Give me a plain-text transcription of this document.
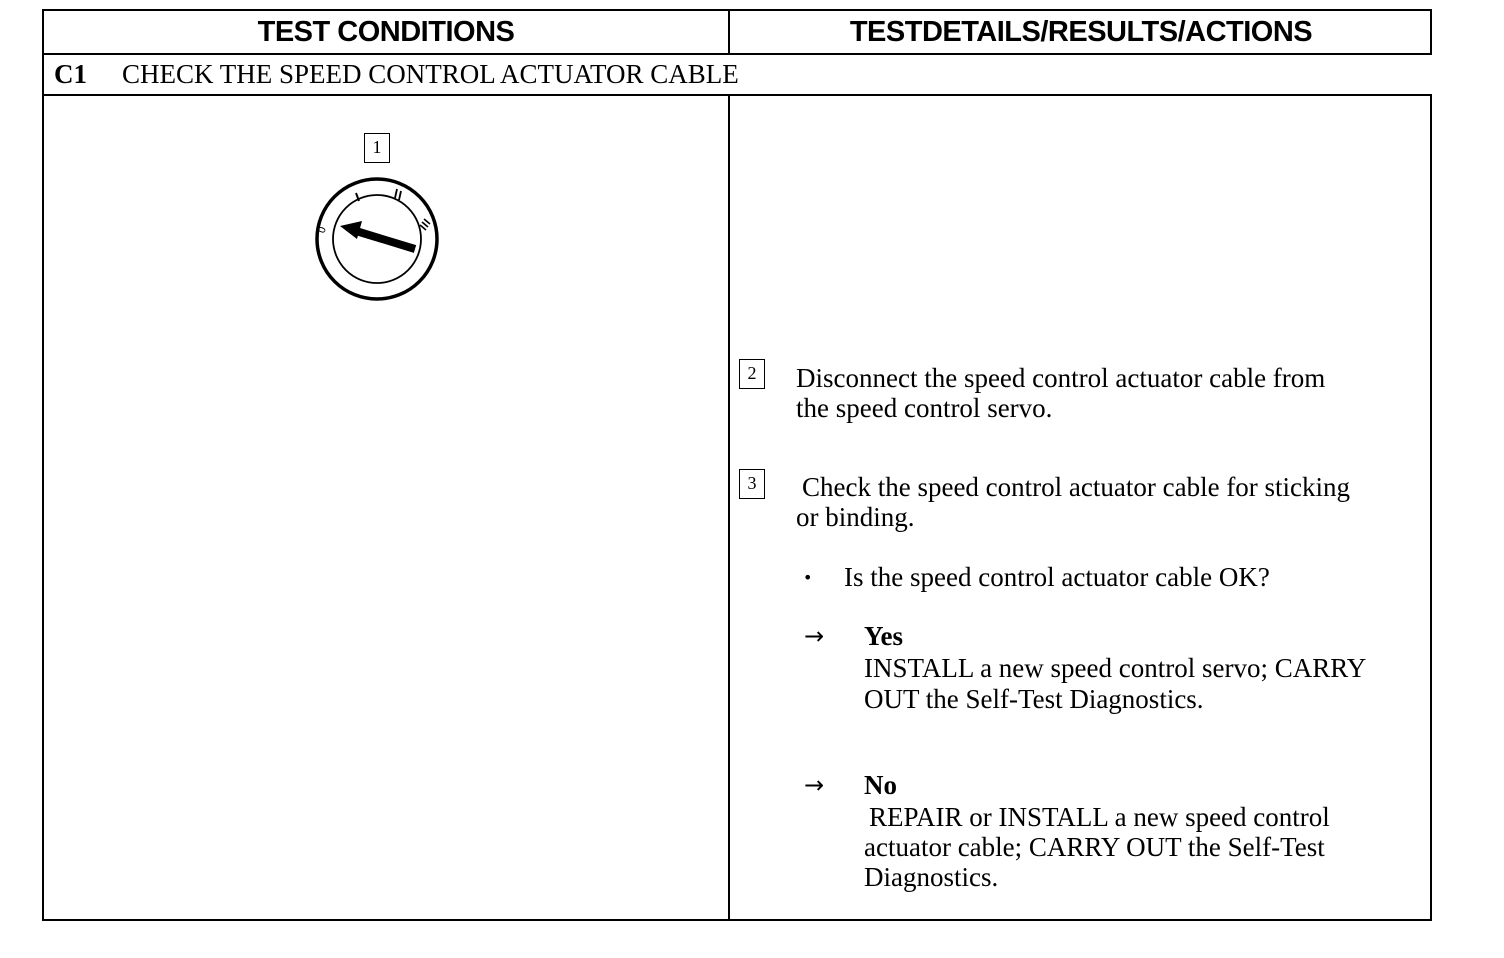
TEST CONDITIONS	TESTDETAILS/RESULTS/ACTIONS
C1 CHECK THE SPEED CONTROL ACTUATOR CABLE
1
0
2	Disconnect the speed control actuator cable from
the speed control servo.
3	Check the speed control actuator cable for sticking
or binding.
• Is the speed control actuator cable OK?
→ Yes
INSTALL a new speed control servo; CARRY
OUT the Self-Test Diagnostics.
→ No
REPAIR or INSTALL a new speed control
actuator cable; CARRY OUT the Self-Test
Diagnostics.
